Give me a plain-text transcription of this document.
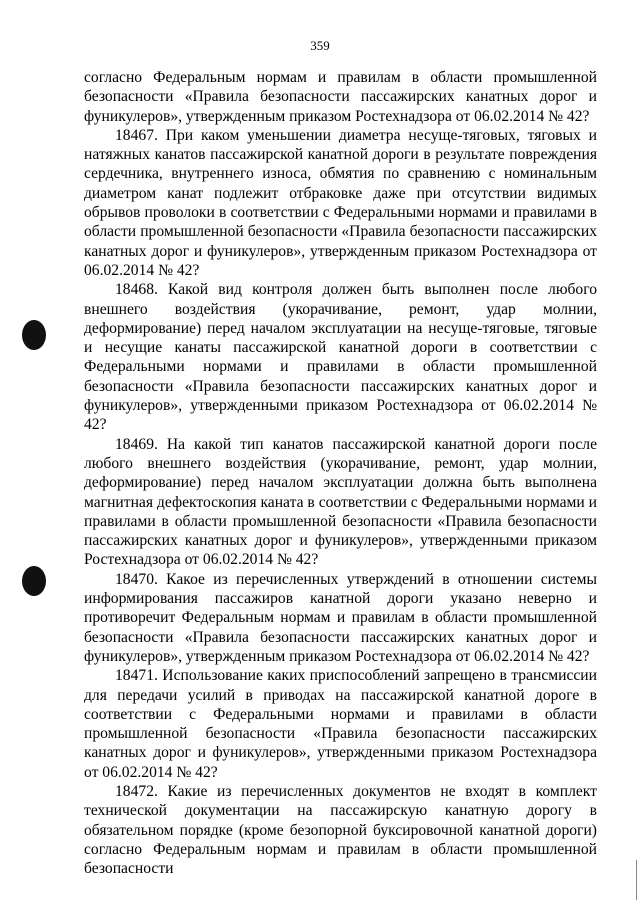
359

согласно Федеральным нормам и правилам в области промышленной безопасности «Правила безопасности пассажирских канатных дорог и фуникулеров», утвержденным приказом Ростехнадзора от 06.02.2014 № 42?

18467. При каком уменьшении диаметра несуще-тяговых, тяговых и натяжных канатов пассажирской канатной дороги в результате повреждения сердечника, внутреннего износа, обмятия по сравнению с номинальным диаметром канат подлежит отбраковке даже при отсутствии видимых обрывов проволоки в соответствии с Федеральными нормами и правилами в области промышленной безопасности «Правила безопасности пассажирских канатных дорог и фуникулеров», утвержденным приказом Ростехнадзора от 06.02.2014 № 42?

18468. Какой вид контроля должен быть выполнен после любого внешнего воздействия (укорачивание, ремонт, удар молнии, деформирование) перед началом эксплуатации на несуще-тяговые, тяговые и несущие канаты пассажирской канатной дороги в соответствии с Федеральными нормами и правилами в области промышленной безопасности «Правила безопасности пассажирских канатных дорог и фуникулеров», утвержденными приказом Ростехнадзора от 06.02.2014 № 42?

18469. На какой тип канатов пассажирской канатной дороги после любого внешнего воздействия (укорачивание, ремонт, удар молнии, деформирование) перед началом эксплуатации должна быть выполнена магнитная дефектоскопия каната в соответствии с Федеральными нормами и правилами в области промышленной безопасности «Правила безопасности пассажирских канатных дорог и фуникулеров», утвержденными приказом Ростехнадзора от 06.02.2014 № 42?

18470. Какое из перечисленных утверждений в отношении системы информирования пассажиров канатной дороги указано неверно и противоречит Федеральным нормам и правилам в области промышленной безопасности «Правила безопасности пассажирских канатных дорог и фуникулеров», утвержденным приказом Ростехнадзора от 06.02.2014 № 42?

18471. Использование каких приспособлений запрещено в трансмиссии для передачи усилий в приводах на пассажирской канатной дороге в соответствии с Федеральными нормами и правилами в области промышленной безопасности «Правила безопасности пассажирских канатных дорог и фуникулеров», утвержденными приказом Ростехнадзора от 06.02.2014 № 42?

18472. Какие из перечисленных документов не входят в комплект технической документации на пассажирскую канатную дорогу в обязательном порядке (кроме безопорной буксировочной канатной дороги) согласно Федеральным нормам и правилам в области промышленной безопасности
